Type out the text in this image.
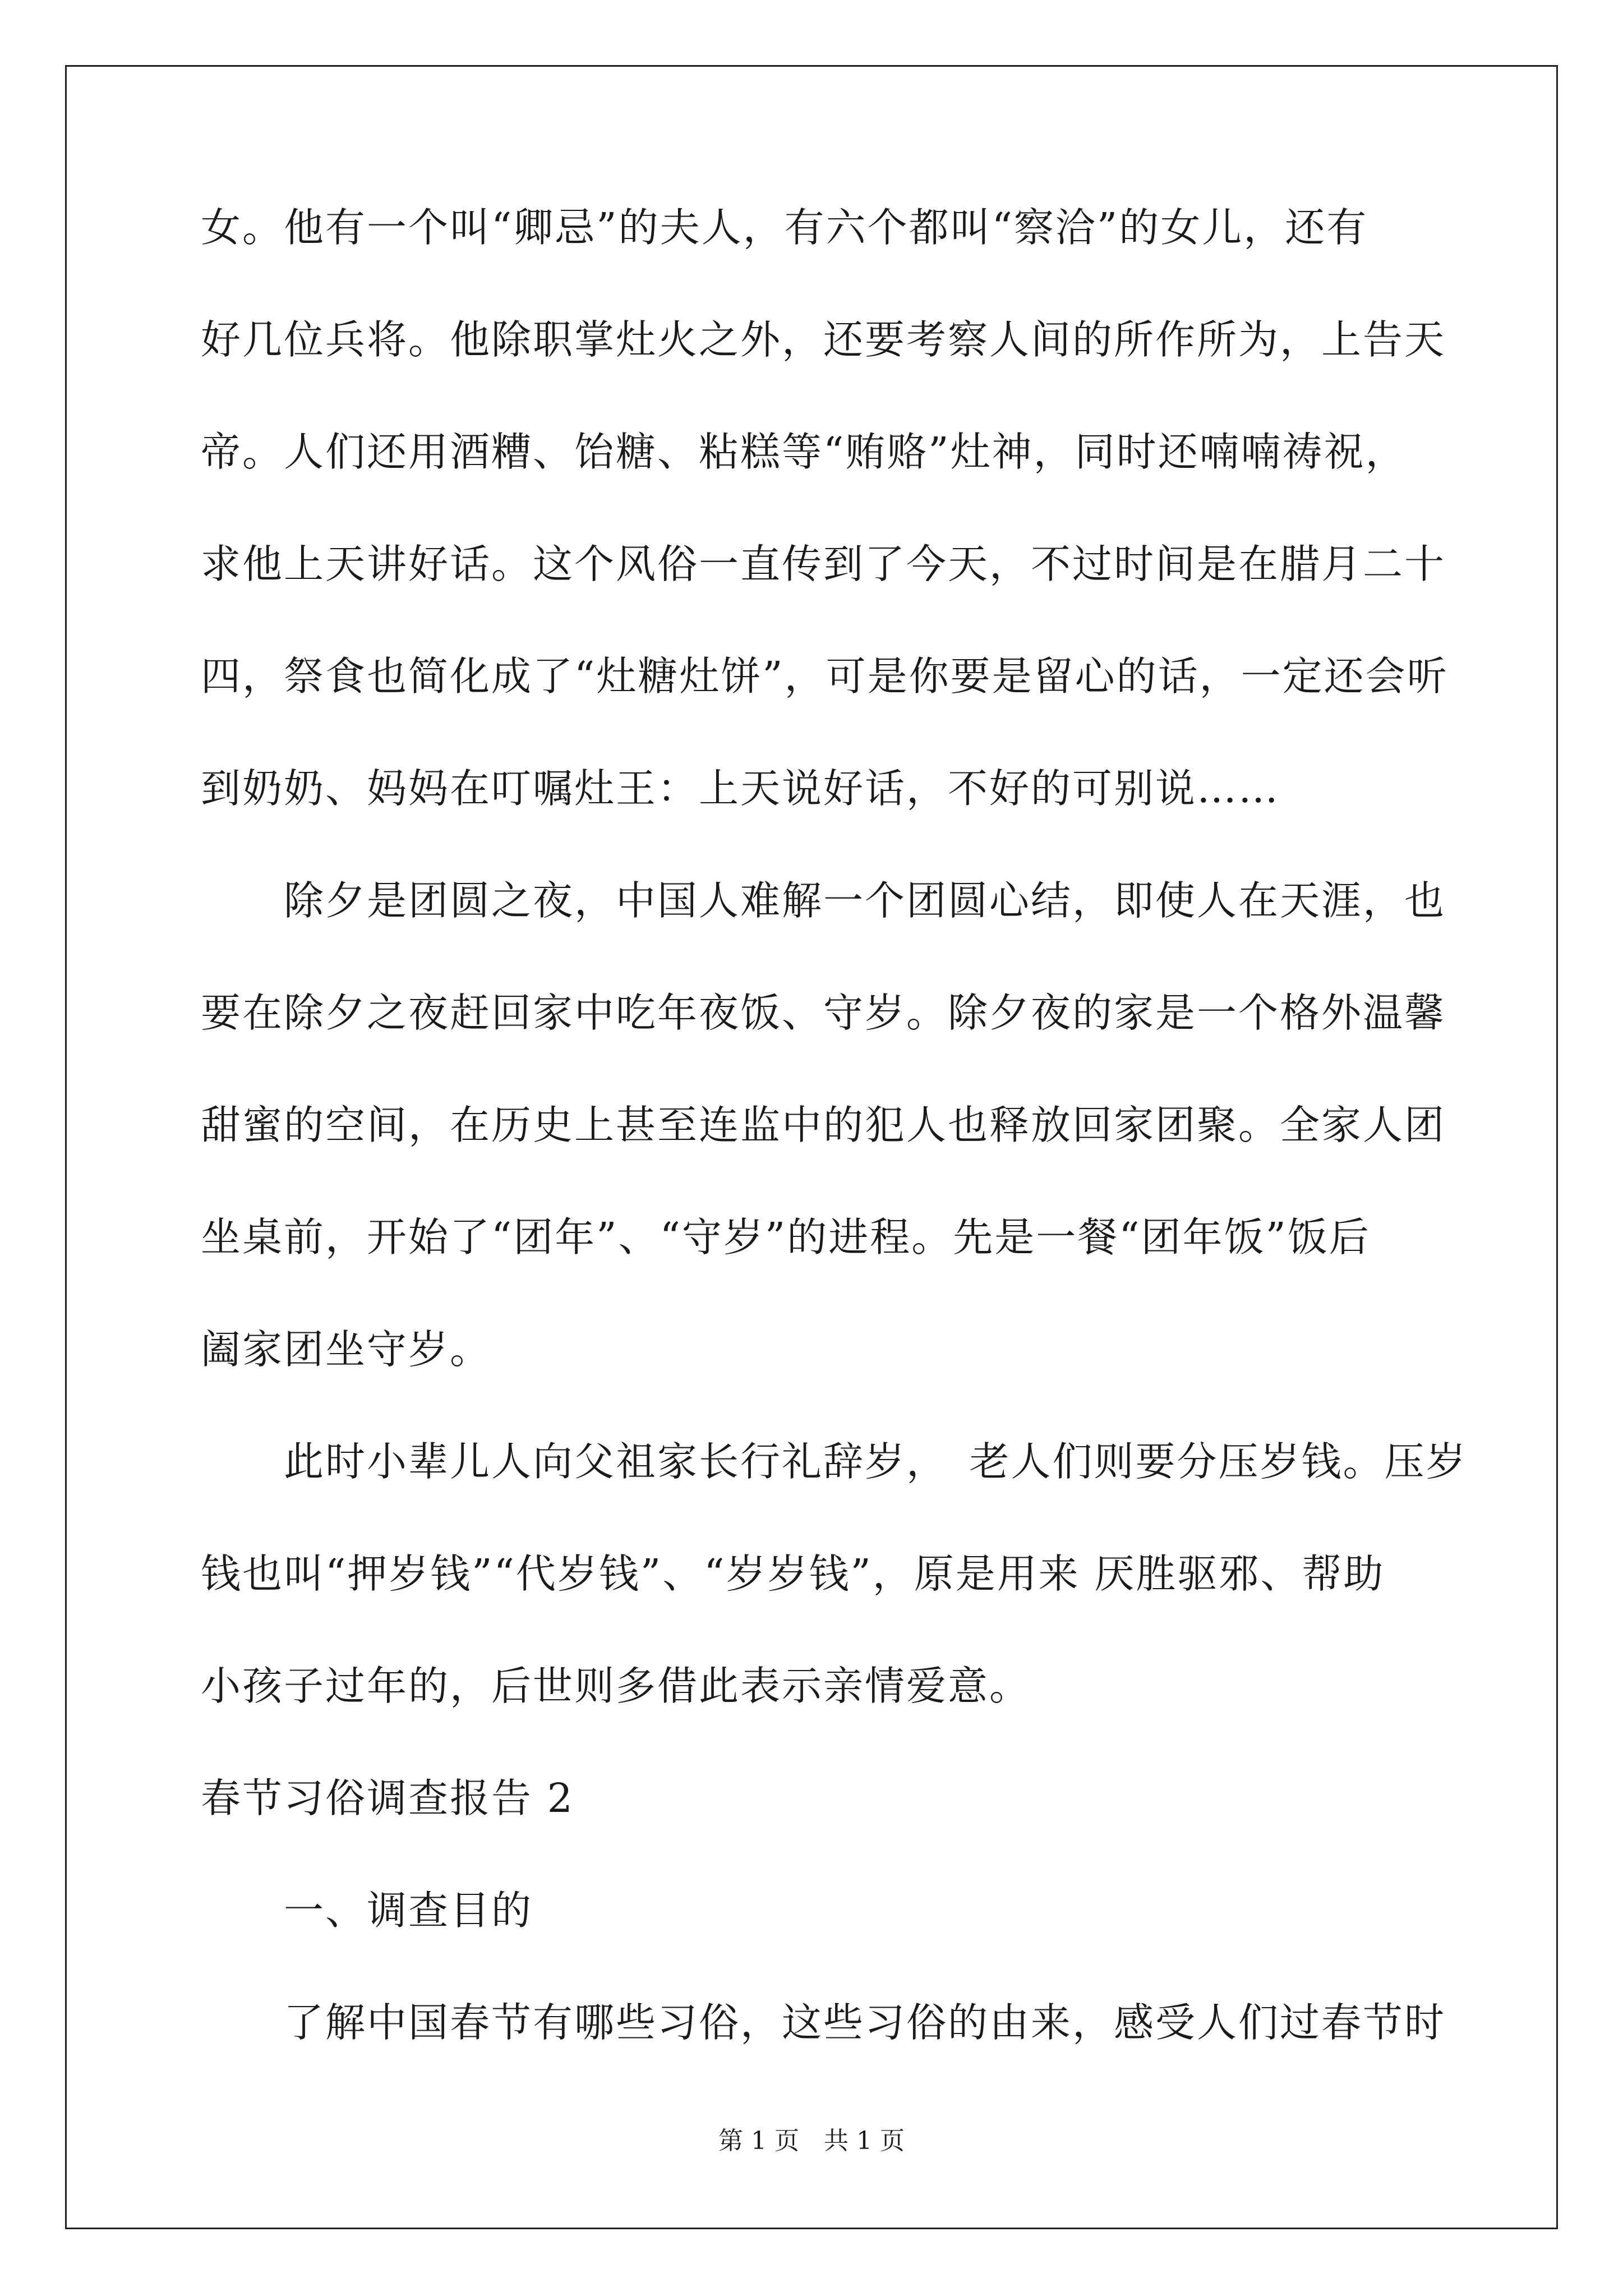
女。他有一个叫“卿忌”的夫人，有六个都叫“察洽”的女儿，还有
好几位兵将。他除职掌灶火之外，还要考察人间的所作所为，上告天
帝。人们还用酒糟、饴糖、粘糕等“贿赂”灶神，同时还喃喃祷祝，
求他上天讲好话。这个风俗一直传到了今天，不过时间是在腊月二十
四，祭食也简化成了“灶糖灶饼”，可是你要是留心的话，一定还会听
到奶奶、妈妈在叮嘱灶王：上天说好话，不好的可别说……
　　除夕是团圆之夜，中国人难解一个团圆心结，即使人在天涯，也
要在除夕之夜赶回家中吃年夜饭、守岁。除夕夜的家是一个格外温馨
甜蜜的空间，在历史上甚至连监中的犯人也释放回家团聚。全家人团
坐桌前，开始了“团年”、“守岁”的进程。先是一餐“团年饭”饭后
阖家团坐守岁。
　　此时小辈儿人向父祖家长行礼辞岁，　老人们则要分压岁钱。压岁
钱也叫“押岁钱”“代岁钱”、“岁岁钱”，原是用来 厌胜驱邪、帮助
小孩子过年的，后世则多借此表示亲情爱意。
春节习俗调查报告 2
　　一、调查目的
　　了解中国春节有哪些习俗，这些习俗的由来，感受人们过春节时
第 1 页　共 1 页
